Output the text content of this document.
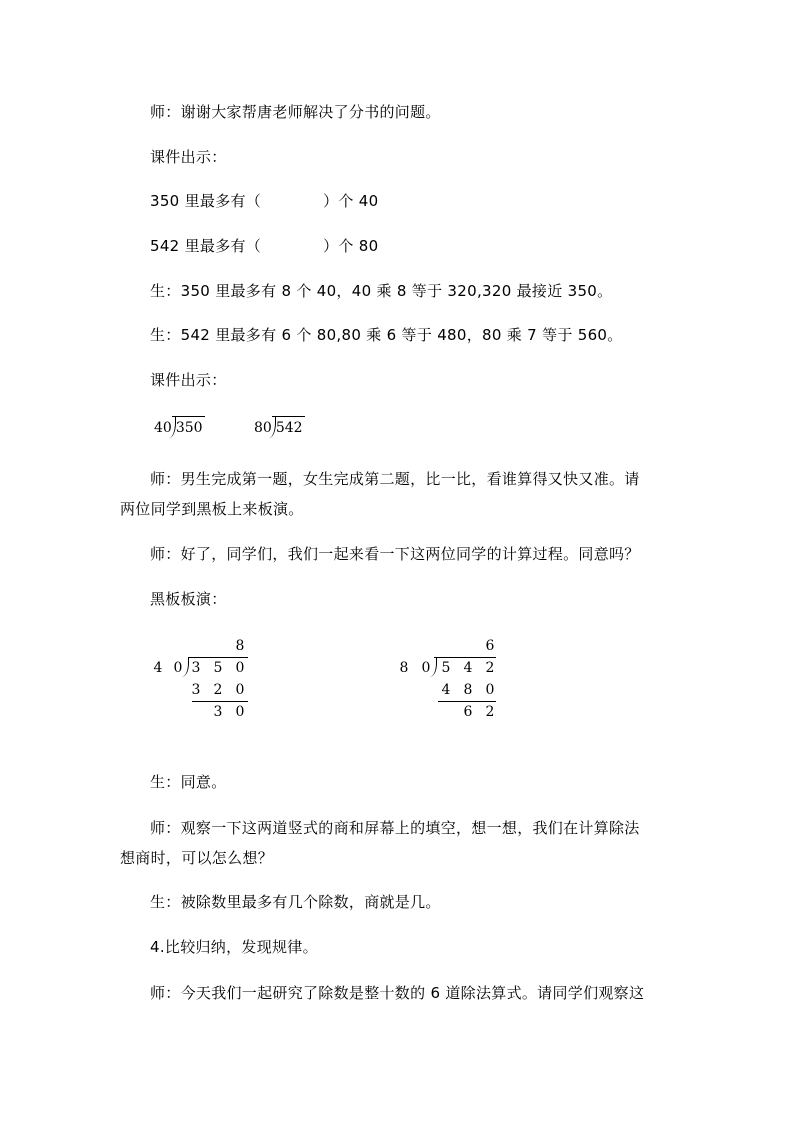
师：谢谢大家帮唐老师解决了分书的问题。
课件出示：
350 里最多有（	）个 40
542 里最多有（	）个 80
生：350 里最多有 8 个 40，40 乘 8 等于 320,320 最接近 350。
生：542 里最多有 6 个 80,80 乘 6 等于 480，80 乘 7 等于 560。
课件出示：
40 350	80 542
师：男生完成第一题，女生完成第二题，比一比，看谁算得又快又准。请
两位同学到黑板上来板演。
师：好了，同学们，我们一起来看一下这两位同学的计算过程。同意吗？
黑板板演：
8
4 0 3 5 0
3 2 0
3 0
6
8 0 5 4 2
4 8 0
6 2
生：同意。
师：观察一下这两道竖式的商和屏幕上的填空，想一想，我们在计算除法
想商时，可以怎么想？
生：被除数里最多有几个除数，商就是几。
4.比较归纳，发现规律。
师：今天我们一起研究了除数是整十数的 6 道除法算式。请同学们观察这
